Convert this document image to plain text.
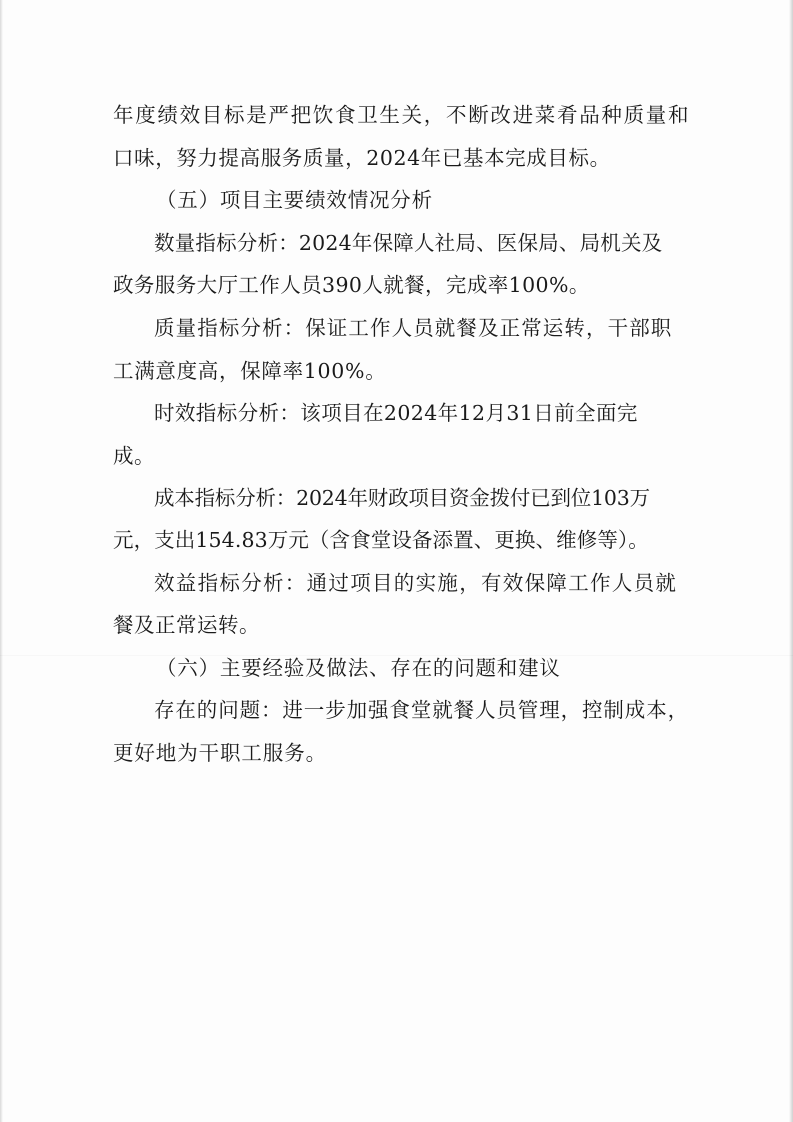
年度绩效目标是严把饮食卫生关，不断改进菜肴品种质量和
口味，努力提高服务质量，2024年已基本完成目标。
（五）项目主要绩效情况分析
数量指标分析：2024年保障人社局、医保局、局机关及
政务服务大厅工作人员390人就餐，完成率100%。
质量指标分析：保证工作人员就餐及正常运转，干部职
工满意度高，保障率100%。
时效指标分析：该项目在2024年12月31日前全面完
成。
成本指标分析：2024年财政项目资金拨付已到位103万
元，支出154.83万元（含食堂设备添置、更换、维修等）。
效益指标分析：通过项目的实施，有效保障工作人员就
餐及正常运转。
（六）主要经验及做法、存在的问题和建议
存在的问题：进一步加强食堂就餐人员管理，控制成本，
更好地为干职工服务。
